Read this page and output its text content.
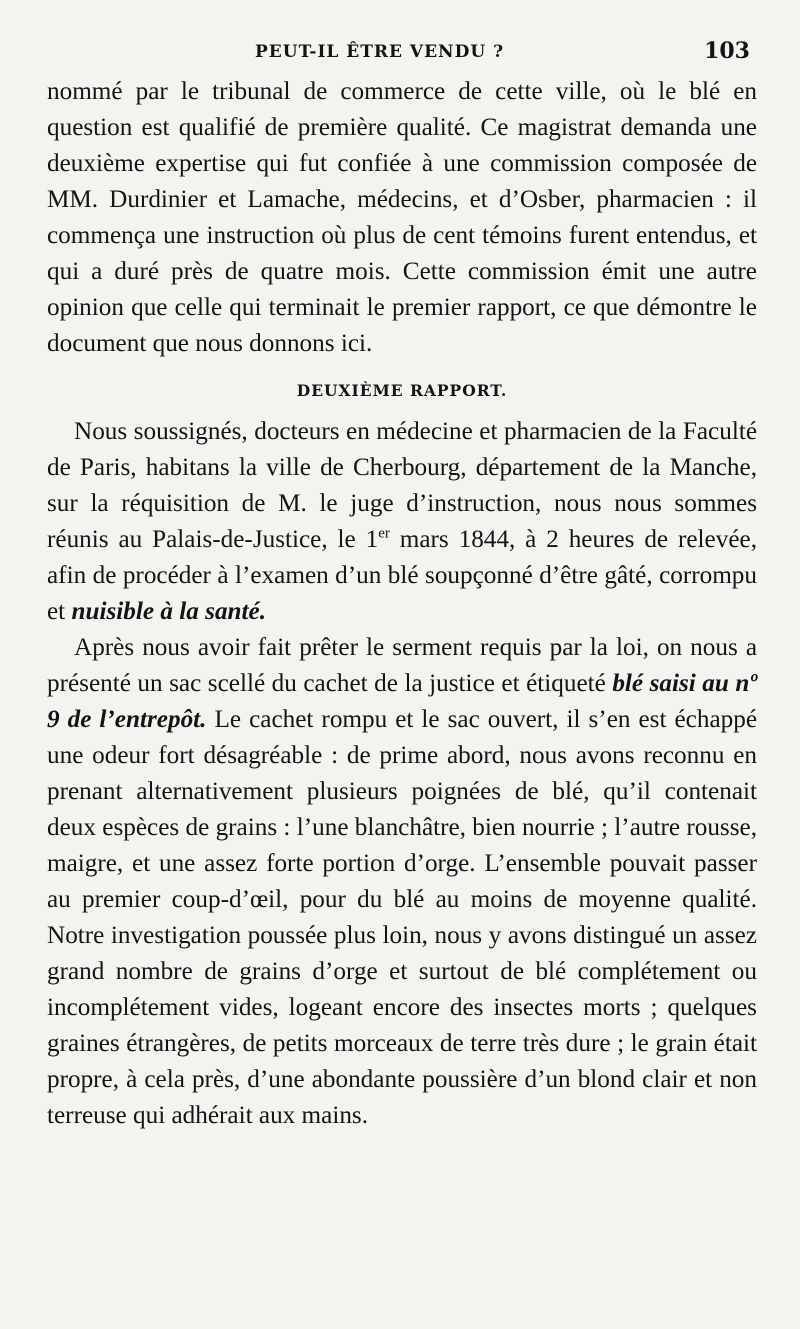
PEUT-IL ÊTRE VENDU ?	103

nommé par le tribunal de commerce de cette ville, où le blé en question est qualifié de première qualité. Ce magistrat demanda une deuxième expertise qui fut confiée à une commission composée de MM. Durdinier et Lamache, médecins, et d’Osber, pharmacien : il commença une instruction où plus de cent témoins furent entendus, et qui a duré près de quatre mois. Cette commission émit une autre opinion que celle qui terminait le premier rapport, ce que démontre le document que nous donnons ici.

DEUXIÈME RAPPORT.

Nous soussignés, docteurs en médecine et pharmacien de la Faculté de Paris, habitans la ville de Cherbourg, département de la Manche, sur la réquisition de M. le juge d’instruction, nous nous sommes réunis au Palais-de-Justice, le 1er mars 1844, à 2 heures de relevée, afin de procéder à l’examen d’un blé soupçonné d’être gâté, corrompu et nuisible à la santé.

Après nous avoir fait prêter le serment requis par la loi, on nous a présenté un sac scellé du cachet de la justice et étiqueté blé saisi au nº 9 de l’entrepôt. Le cachet rompu et le sac ouvert, il s’en est échappé une odeur fort désagréable : de prime abord, nous avons reconnu en prenant alternativement plusieurs poignées de blé, qu’il contenait deux espèces de grains : l’une blanchâtre, bien nourrie ; l’autre rousse, maigre, et une assez forte portion d’orge. L’ensemble pouvait passer au premier coup-d’œil, pour du blé au moins de moyenne qualité. Notre investigation poussée plus loin, nous y avons distingué un assez grand nombre de grains d’orge et surtout de blé complétement ou incomplétement vides, logeant encore des insectes morts ; quelques graines étrangères, de petits morceaux de terre très dure ; le grain était propre, à cela près, d’une abondante poussière d’un blond clair et non terreuse qui adhérait aux mains.
